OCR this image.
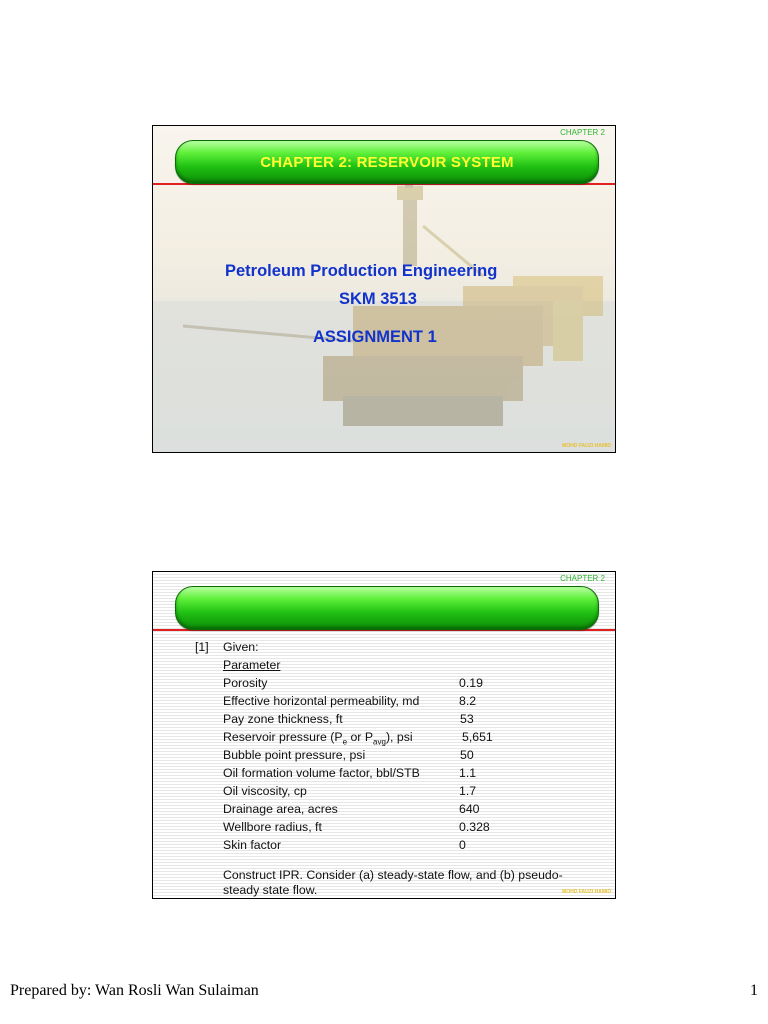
CHAPTER 2
CHAPTER 2: RESERVOIR SYSTEM
Petroleum Production Engineering
SKM 3513
ASSIGNMENT 1
MOHD FAUZI HAMID
CHAPTER 2
[1] Given:
Parameter
Porosity	0.19
Effective horizontal permeability, md	8.2
Pay zone thickness, ft	53
Reservoir pressure ($P_e$ or $P_{avg}$), psi	5,651
Bubble point pressure, psi	50
Oil formation volume factor, bbl/STB	1.1
Oil viscosity, cp	1.7
Drainage area, acres	640
Wellbore radius, ft	0.328
Skin factor	0
Construct IPR. Consider (a) steady-state flow, and (b) pseudo-steady state flow.	MOHD FAUZI HAMID
Prepared by: Wan Rosli Wan Sulaiman	1
